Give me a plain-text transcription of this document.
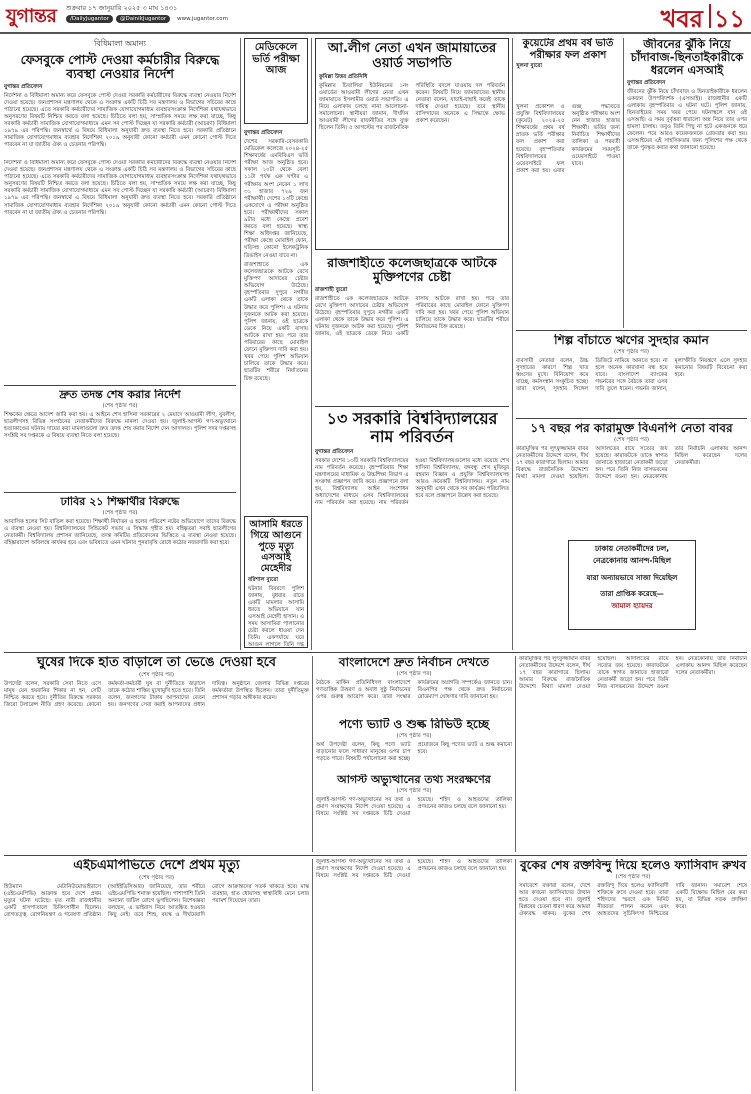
যুগান্তর শুক্রবার ১৭ জানুয়ারি ২০২৫ ৩ মাঘ ১৪৩১
/DailyJugantor	@DainikJugantor	www.jugantor.com	খবর ১১
বিধিমালা অমান্য
ফেসবুকে পোস্ট দেওয়া কর্মচারীর বিরুদ্ধে ব্যবস্থা নেওয়ার নির্দেশ
যুগান্তর প্রতিবেদন
নির্দেশনা ও বিধিমালা অমান্য করে ফেসবুকে পোস্ট দেওয়া সরকারি কর্মচারীদের বিরুদ্ধে ব্যবস্থা নেওয়ার নির্দেশ দেওয়া হয়েছে। জনপ্রশাসন মন্ত্রণালয় থেকে এ সংক্রান্ত একটি চিঠি সব মন্ত্রণালয় ও বিভাগের সচিবের কাছে পাঠানো হয়েছে। এতে সরকারি কর্মচারীদের সামাজিক যোগাযোগমাধ্যম ব্যবহারসংক্রান্ত নির্দেশিকা যথাযথভাবে অনুসরণের বিষয়টি নিশ্চিত করতে বলা হয়েছে। চিঠিতে বলা হয়, সাম্প্রতিক সময়ে লক্ষ করা যাচ্ছে, কিছু সরকারি কর্মচারী সামাজিক যোগাযোগমাধ্যমে এমন সব পোস্ট দিচ্ছেন যা সরকারি কর্মচারী (আচরণ) বিধিমালা ১৯৭৯ এর পরিপন্থি। জনস্বার্থে এ বিষয়ে বিধিমালা অনুযায়ী দ্রুত ব্যবস্থা নিতে হবে। সরকারি প্রতিষ্ঠানে সামাজিক যোগাযোগমাধ্যম ব্যবহার নির্দেশিকা ২০১৯ অনুযায়ী কোনো কর্মচারী এমন কোনো পোস্ট দিতে পারবেন না যা জাতীয় ঐক্য ও চেতনার পরিপন্থি।
নির্দেশনা ও বিধিমালা অমান্য করে ফেসবুকে পোস্ট দেওয়া সরকারি কর্মচারীদের বিরুদ্ধে ব্যবস্থা নেওয়ার নির্দেশ দেওয়া হয়েছে। জনপ্রশাসন মন্ত্রণালয় থেকে এ সংক্রান্ত একটি চিঠি সব মন্ত্রণালয় ও বিভাগের সচিবের কাছে পাঠানো হয়েছে। এতে সরকারি কর্মচারীদের সামাজিক যোগাযোগমাধ্যম ব্যবহারসংক্রান্ত নির্দেশিকা যথাযথভাবে অনুসরণের বিষয়টি নিশ্চিত করতে বলা হয়েছে। চিঠিতে বলা হয়, সাম্প্রতিক সময়ে লক্ষ করা যাচ্ছে, কিছু সরকারি কর্মচারী সামাজিক যোগাযোগমাধ্যমে এমন সব পোস্ট দিচ্ছেন যা সরকারি কর্মচারী (আচরণ) বিধিমালা ১৯৭৯ এর পরিপন্থি। জনস্বার্থে এ বিষয়ে বিধিমালা অনুযায়ী দ্রুত ব্যবস্থা নিতে হবে। সরকারি প্রতিষ্ঠানে সামাজিক যোগাযোগমাধ্যম ব্যবহার নির্দেশিকা ২০১৯ অনুযায়ী কোনো কর্মচারী এমন কোনো পোস্ট দিতে পারবেন না যা জাতীয় ঐক্য ও চেতনার পরিপন্থি।
দ্রুত তদন্ত শেষ করার নির্দেশ
(শেষ পৃষ্ঠার পর)
শিক্ষকের ক্ষেত্রে আদেশ জারি করা হয়। এ আইনে শেখ হাসিনা সরকারের ২ মেয়াদে আওয়ামী লীগ, যুবলীগ, ছাত্রলীগসহ বিভিন্ন সংগঠনের নেতাকর্মীদের বিরুদ্ধে মামলা দেওয়া হয়। জুলাই-আগস্ট গণ-অভ্যুত্থানে হত্যাকাণ্ডের ঘটনায় দায়ের করা মামলাগুলো দ্রুত তদন্ত শেষ করার নির্দেশ দেন আদালত। পুলিশ সদর দপ্তরসহ সংশ্লিষ্ট সব দপ্তরকে এ বিষয়ে ব্যবস্থা নিতে বলা হয়েছে।
ঢাবির ২১ শিক্ষার্থীর বিরুদ্ধে
(শেষ পৃষ্ঠার পর)
আবাসিক হলের সিট বাতিল করা হয়েছে। শিক্ষার্থী নির্যাতন ও হলের পরিবেশ নষ্টের অভিযোগে তাদের বিরুদ্ধে এ ব্যবস্থা নেওয়া হয়। বিশ্ববিদ্যালয়ের সিন্ডিকেট সভায় এ সিদ্ধান্ত গৃহীত হয়। বহিষ্কৃতরা সবাই ছাত্রলীগের নেতাকর্মী। বিশ্ববিদ্যালয় প্রশাসন জানিয়েছে, তদন্ত কমিটির প্রতিবেদনের ভিত্তিতে এ ব্যবস্থা নেওয়া হয়েছে। বহিষ্কারাদেশ অবিলম্বে কার্যকর হবে এবং ভবিষ্যতে এমন ঘটনার পুনরাবৃত্তি রোধে কঠোর নজরদারি করা হবে।
মেডিকেলে ভর্তি পরীক্ষা আজ
যুগান্তর প্রতিবেদন
দেশের সরকারি-বেসরকারি মেডিকেল কলেজে ২০২৪-২৫ শিক্ষাবর্ষের এমবিবিএস ভর্তি পরীক্ষা আজ অনুষ্ঠিত হবে। সকাল ১০টা থেকে বেলা ১১টা পর্যন্ত এক ঘণ্টার এ পরীক্ষায় অংশ নেবেন ১ লাখ ৩১ হাজার ৭২৯ জন পরীক্ষার্থী। দেশের ১৩টি কেন্দ্রে একযোগে এ পরীক্ষা অনুষ্ঠিত হবে। পরীক্ষার্থীদের সকাল ৯টার মধ্যে কেন্দ্রে প্রবেশ করতে বলা হয়েছে। স্বাস্থ্য শিক্ষা অধিদপ্তর জানিয়েছে, পরীক্ষা কেন্দ্রে মোবাইল ফোন, ঘড়িসহ কোনো ইলেকট্রনিক ডিভাইস নেওয়া যাবে না।
রাজশাহীতে এক কলেজছাত্রকে আটকে রেখে মুক্তিপণ আদায়ের চেষ্টার অভিযোগ উঠেছে। বৃহস্পতিবার দুপুরে নগরীর একটি এলাকা থেকে তাকে উদ্ধার করে পুলিশ। এ ঘটনায় দুজনকে আটক করা হয়েছে। পুলিশ জানায়, ওই ছাত্রকে ডেকে নিয়ে একটি বাসায় আটকে রাখা হয়। পরে তার পরিবারের কাছে মোবাইল ফোনে মুক্তিপণ দাবি করা হয়। খবর পেয়ে পুলিশ অভিযান চালিয়ে তাকে উদ্ধার করে। ছাত্রটির শরীরে নির্যাতনের চিহ্ন রয়েছে।
আসামি ধরতে গিয়ে আগুনে পুড়ে মৃত্যু এসআই মেহেদীর
বরিশাল ব্যুরো
ঘটনার বিবরণে পুলিশ জানায়, বুধবার রাতে একটি মামলার আসামি ধরতে অভিযানে যান এসআই মেহেদী হাসান। এ সময় আসামিরা পালানোর চেষ্টা করলে ধাওয়া দেন তিনি। একপর্যায়ে ঘরে আগুন লাগলে তিনি দগ্ধ
আ.লীগ নেতা এখন জামায়াতের ওয়ার্ড সভাপতি
কুমিল্লা উত্তর প্রতিনিধি
কুমিল্লার চিতালিয়া ইউনিয়নের ১নং ওয়ার্ডের আওয়ামী লীগের নেতা এখন জামায়াতে ইসলামীর ওয়ার্ড সভাপতি। এ নিয়ে এলাকায় চলছে নানা আলোচনা-সমালোচনা। স্থানীয়রা জানান, দীর্ঘদিন আওয়ামী লীগের রাজনীতির সঙ্গে যুক্ত ছিলেন তিনি। ৫ আগস্টের পর রাজনৈতিক পরিস্থিতি বদলে যাওয়ায় দল পরিবর্তন করেন। বিষয়টি নিয়ে জামায়াতের স্থানীয় নেতারা বলেন, যাচাই-বাছাই করেই তাকে দায়িত্ব দেওয়া হয়েছে। তবে স্থানীয় বাসিন্দাদের অনেকে এ সিদ্ধান্তে ক্ষোভ প্রকাশ করেছেন।
রাজশাহীতে কলেজছাত্রকে আটকে মুক্তিপণের চেষ্টা
রাজশাহী ব্যুরো
রাজশাহীতে এক কলেজছাত্রকে আটকে রেখে মুক্তিপণ আদায়ের চেষ্টার অভিযোগ উঠেছে। বৃহস্পতিবার দুপুরে নগরীর একটি এলাকা থেকে তাকে উদ্ধার করে পুলিশ। এ ঘটনায় দুজনকে আটক করা হয়েছে। পুলিশ জানায়, ওই ছাত্রকে ডেকে নিয়ে একটি বাসায় আটকে রাখা হয়। পরে তার পরিবারের কাছে মোবাইল ফোনে মুক্তিপণ দাবি করা হয়। খবর পেয়ে পুলিশ অভিযান চালিয়ে তাকে উদ্ধার করে। ছাত্রটির শরীরে নির্যাতনের চিহ্ন রয়েছে।
কুয়েটের প্রথম বর্ষ ভর্তি পরীক্ষার ফল প্রকাশ
খুলনা ব্যুরো
খুলনা প্রকৌশল ও প্রযুক্তি বিশ্ববিদ্যালয়ের (কুয়েট) ২০২৪-২৫ শিক্ষাবর্ষের প্রথম বর্ষ স্নাতক ভর্তি পরীক্ষার ফল প্রকাশ করা হয়েছে। বৃহস্পতিবার বিশ্ববিদ্যালয়ের ওয়েবসাইটে ফল প্রকাশ করা হয়। এবার গুচ্ছ পদ্ধতিতে অনুষ্ঠিত পরীক্ষায় অংশ নেন হাজার হাজার শিক্ষার্থী। ভর্তির জন্য নির্বাচিত শিক্ষার্থীদের তালিকা ও পরবর্তী কার্যক্রমের সময়সূচি ওয়েবসাইটে পাওয়া যাবে।
জীবনের ঝুঁকি নিয়ে চাঁদাবাজ-ছিনতাইকারীকে ধরলেন এসআই
যুগান্তর প্রতিবেদন
জীবনের ঝুঁকি নিয়ে চাঁদাবাজ ও ছিনতাইকারীকে ধরলেন একজন উপপরিদর্শক (এসআই)। রাজধানীর একটি এলাকায় বৃহস্পতিবার এ ঘটনা ঘটে। পুলিশ জানায়, ছিনতাইয়ের সময় খবর পেয়ে ঘটনাস্থলে যান ওই এসআই। এ সময় দুর্বৃত্তরা ধারালো অস্ত্র নিয়ে তার ওপর হামলা চালায়। তবুও তিনি পিছু না হটে একজনকে ধরে ফেলেন। পরে আরও কয়েকজনকে গ্রেফতার করা হয়। এসআইয়ের এই সাহসিকতার জন্য পুলিশের পক্ষ থেকে তাকে পুরস্কৃত করার কথা জানানো হয়েছে।
শিল্প বাঁচাতে ঋণের সুদহার কমান
(শেষ পৃষ্ঠার পর)
ব্যবসায়ী নেতারা বলেন, উচ্চ সুদহারের কারণে শিল্প খাত ধ্বংসের মুখে। বিনিয়োগ কমে যাচ্ছে, কর্মসংস্থান সংকুচিত হচ্ছে। তারা বলেন, সুদহার সিঙ্গেল ডিজিটে নামিয়ে আনতে হবে। না হলে অনেক কারখানা বন্ধ হয়ে যাবে। বাংলাদেশ ব্যাংকের গভর্নরের সঙ্গে বৈঠকে তারা এসব দাবি তুলে ধরেন। গভর্নর জানান, মূল্যস্ফীতি নিয়ন্ত্রণে এলে সুদহার কমানোর বিষয়টি বিবেচনা করা হবে।
১৩ সরকারি বিশ্ববিদ্যালয়ের নাম পরিবর্তন
যুগান্তর প্রতিবেদন
সরকার দেশের ১৩টি সরকারি বিশ্ববিদ্যালয়ের নাম পরিবর্তন করেছে। বৃহস্পতিবার শিক্ষা মন্ত্রণালয়ের মাধ্যমিক ও উচ্চশিক্ষা বিভাগ এ সংক্রান্ত প্রজ্ঞাপন জারি করে। প্রজ্ঞাপনে বলা হয়, বিশ্ববিদ্যালয় আইন সংশোধন অধ্যাদেশের মাধ্যমে এসব বিশ্ববিদ্যালয়ের নাম পরিবর্তন করা হয়েছে। নাম পরিবর্তন হওয়া বিশ্ববিদ্যালয়গুলোর মধ্যে রয়েছে শেখ হাসিনা বিশ্ববিদ্যালয়, বঙ্গবন্ধু শেখ মুজিবুর রহমান বিজ্ঞান ও প্রযুক্তি বিশ্ববিদ্যালয়সহ আরও কয়েকটি বিশ্ববিদ্যালয়। নতুন নাম অনুযায়ী এখন থেকে সব কার্যক্রম পরিচালিত হবে বলে প্রজ্ঞাপনে উল্লেখ করা হয়েছে।
১৭ বছর পর কারামুক্ত বিএনপি নেতা বাবর
(শেষ পৃষ্ঠার পর)
কারামুক্তির পর লুৎফুজ্জামান বাবর নেতাকর্মীদের উদ্দেশে বলেন, দীর্ঘ ১৭ বছর কারাগারে ছিলাম। আমার বিরুদ্ধে রাজনৈতিক উদ্দেশ্যে মিথ্যা মামলা দেওয়া হয়েছিল। আদালতের রায়ে সত্যের জয় হয়েছে। কারাফটকে তাকে স্বাগত জানাতে হাজারো নেতাকর্মী জড়ো হন। পরে তিনি নিজ বাসভবনের উদ্দেশে রওনা হন। নেত্রকোনায় তার নির্বাচনি এলাকায় আনন্দ মিছিল করেছেন দলের নেতাকর্মীরা।
ঢাকায় নেতাকর্মীদের ঢল,
নেত্রকোনায় আনন্দ-মিছিল
যারা অন্যায়ভাবে সাজা দিয়েছিল
তারা প্রাপ্তিক করেছে—
জামাল হ্যায়দর
ঘুষের দিকে হাত বাড়ালে তা ভেঙে দেওয়া হবে
(শেষ পৃষ্ঠার পর)
উপদেষ্টা বলেন, সরকারি সেবা নিতে এসে মানুষ যেন হয়রানির শিকার না হন, সেটি নিশ্চিত করতে হবে। দুর্নীতির বিরুদ্ধে সরকার জিরো টলারেন্স নীতি গ্রহণ করেছে। কোনো কর্মকর্তা-কর্মচারী ঘুষ বা দুর্নীতিতে জড়ালে তাকে কঠোর শাস্তির মুখোমুখি হতে হবে। তিনি বলেন, জনগণের টাকায় আপনাদের বেতন হয়। জনগণের সেবা করাই আপনাদের প্রধান দায়িত্ব। অনুষ্ঠানে জেলার বিভিন্ন দপ্তরের কর্মকর্তারা উপস্থিত ছিলেন। তারা দুর্নীতিমুক্ত প্রশাসন গড়ার অঙ্গীকার করেন।
বাংলাদেশে দ্রুত নির্বাচন দেখতে
(শেষ পৃষ্ঠার পর)
বৈঠকে মার্কিন প্রতিনিধিদল বাংলাদেশে গণতান্ত্রিক উত্তরণ ও অবাধ সুষ্ঠু নির্বাচনের ওপর গুরুত্ব আরোপ করে। তারা সংস্কার কার্যক্রমের অগ্রগতি সম্পর্কেও জানতে চান। বিএনপির পক্ষ থেকে দ্রুত নির্বাচনের রোডম্যাপ ঘোষণার দাবি জানানো হয়।
পণ্যে ভ্যাট ও শুল্ক রিভিউ হচ্ছে
(শেষ পৃষ্ঠার পর)
অর্থ উপদেষ্টা বলেন, কিছু পণ্যে ভ্যাট বাড়ানোর ফলে সাধারণ মানুষের ওপর চাপ পড়তে পারে। বিষয়টি পর্যালোচনা করা হচ্ছে। প্রয়োজনে কিছু পণ্যের ভ্যাট ও শুল্ক কমানো হবে।
আগস্ট অভ্যুত্থানের তথ্য সংরক্ষণের
(শেষ পৃষ্ঠার পর)
জুলাই-আগস্ট গণ-অভ্যুত্থানের সব তথ্য ও প্রমাণ সংরক্ষণের নির্দেশ দেওয়া হয়েছে। এ বিষয়ে সংশ্লিষ্ট সব দপ্তরকে চিঠি দেওয়া হয়েছে। শহিদ ও আহতদের তালিকা প্রণয়নের কাজও চলছে বলে জানানো হয়।
কারামুক্তির পর লুৎফুজ্জামান বাবর নেতাকর্মীদের উদ্দেশে বলেন, দীর্ঘ ১৭ বছর কারাগারে ছিলাম। আমার বিরুদ্ধে রাজনৈতিক উদ্দেশ্যে মিথ্যা মামলা দেওয়া হয়েছিল। আদালতের রায়ে সত্যের জয় হয়েছে। কারাফটকে তাকে স্বাগত জানাতে হাজারো নেতাকর্মী জড়ো হন। পরে তিনি নিজ বাসভবনের উদ্দেশে রওনা হন। নেত্রকোনায় তার নির্বাচনি এলাকায় আনন্দ মিছিল করেছেন দলের নেতাকর্মীরা।
এইচএমপিভিতে দেশে প্রথম মৃত্যু
(শেষ পৃষ্ঠার পর)
হিউম্যান মেটানিউমোভাইরাসে (এইচএমপিভি) আক্রান্ত হয়ে দেশে প্রথম মৃত্যুর ঘটনা ঘটেছে। মৃত নারী রাজধানীর একটি হাসপাতালে চিকিৎসাধীন ছিলেন। রোগতত্ত্ব, রোগনিয়ন্ত্রণ ও গবেষণা প্রতিষ্ঠান (আইইডিসিআর) জানিয়েছে, তার শরীরে এইচএমপিভি শনাক্ত হয়েছিল। পাশাপাশি তিনি অন্যান্য জটিল রোগে ভুগছিলেন। বিশেষজ্ঞরা বলছেন, এ ভাইরাস নিয়ে আতঙ্কিত হওয়ার কিছু নেই। তবে শিশু, বয়স্ক ও দীর্ঘমেয়াদি রোগে আক্রান্তদের সতর্ক থাকতে হবে। মাস্ক ব্যবহার, হাত ধোয়াসহ স্বাস্থ্যবিধি মেনে চলার পরামর্শ দিয়েছেন তারা।
জুলাই-আগস্ট গণ-অভ্যুত্থানের সব তথ্য ও প্রমাণ সংরক্ষণের নির্দেশ দেওয়া হয়েছে। এ বিষয়ে সংশ্লিষ্ট সব দপ্তরকে চিঠি দেওয়া হয়েছে। শহিদ ও আহতদের তালিকা প্রণয়নের কাজও চলছে বলে জানানো হয়।	বুকের শেষ রক্তবিন্দু দিয়ে হলেও ফ্যাসিবাদ রুখব
(শেষ পৃষ্ঠার পর)
সমাবেশে বক্তারা বলেন, দেশে আর কখনো ফ্যাসিবাদের উত্থান হতে দেওয়া হবে না। জুলাই বিপ্লবের চেতনা ধারণ করে আমরা ঐক্যবদ্ধ থাকব। বুকের শেষ রক্তবিন্দু দিয়ে হলেও ফ্যাসিবাদী শক্তিকে রুখে দেওয়া হবে। তারা শহিদদের স্মরণে এক মিনিট নীরবতা পালন করেন এবং আহতদের সুচিকিৎসা নিশ্চিতের দাবি জানান। সমাবেশ শেষে একটি বিক্ষোভ মিছিল বের করা হয়, যা বিভিন্ন সড়ক প্রদক্ষিণ করে।
